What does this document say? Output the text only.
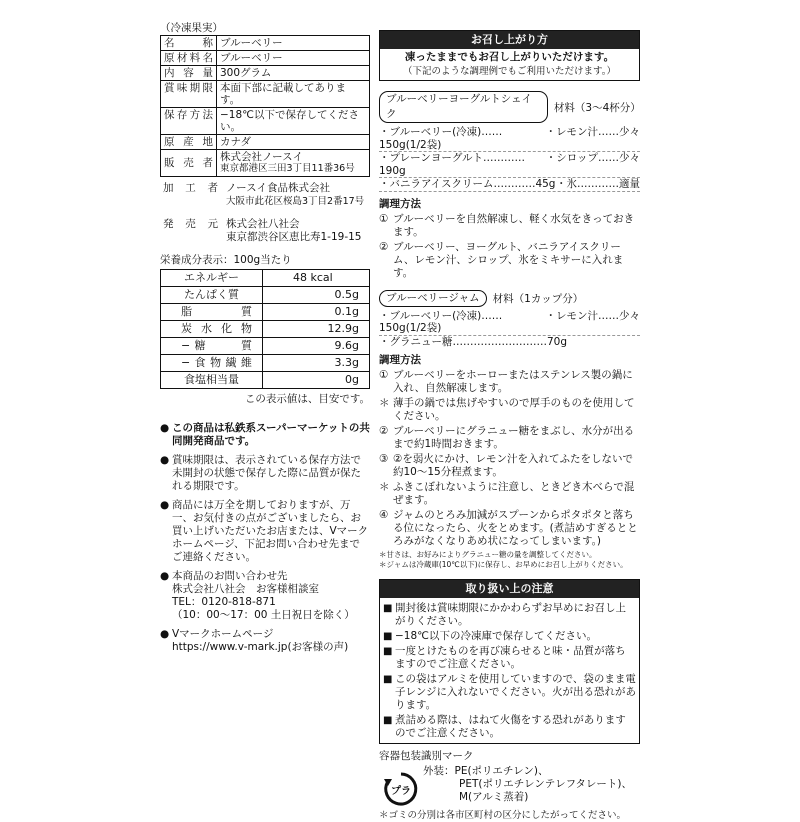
（冷凍果実）
名　　称	ブルーベリー
原材料名	ブルーベリー
内 容 量	300グラム
賞味期限	本面下部に記載してあります。
保存方法	−18℃以下で保存してください。
原 産 地	カナダ
販 売 者	株式会社ノースイ
東京都港区三田3丁目11番36号
加 工 者 ノースイ食品株式会社
大阪市此花区桜島3丁目2番17号
発 売 元 株式会社八社会
東京都渋谷区恵比寿1-19-15
栄養成分表示：100g当たり
エネルギー	48 kcal
たんぱく質	0.5g
脂　　質	0.1g
炭水化物	12.9g
−糖　　質	9.6g
−食物繊維	3.3g
食塩相当量	0g
この表示値は、目安です。
● この商品は私鉄系スーパーマーケットの共同開発商品です。
● 賞味期限は、表示されている保存方法で未開封の状態で保存した際に品質が保たれる期限です。
● 商品には万全を期しておりますが、万一、お気付きの点がございましたら、お買い上げいただいたお店または、Vマークホームページ、下記お問い合わせ先までご連絡ください。
● 本商品のお問い合わせ先
株式会社八社会　お客様相談室
TEL：0120-818-871
（10：00〜17：00 土日祝日を除く）
● Vマークホームページ
https://www.v-mark.jp(お客様の声)
お召し上がり方
凍ったままでもお召し上がりいただけます。
（下記のような調理例でもご利用いただけます。）
ブルーベリーヨーグルトシェイク
材料（3〜4杯分）
・ブルーベリー(冷凍)……150g(1/2袋)
・レモン汁……少々
・プレーンヨーグルト…………190g
・シロップ……少々
・バニラアイスクリーム…………45g ・氷…………適量
調理方法
① ブルーベリーを自然解凍し、軽く水気をきっておきます。
② ブルーベリー、ヨーグルト、バニラアイスクリーム、レモン汁、シロップ、氷をミキサーに入れます。
ブルーベリージャム	材料（1カップ分）
・ブルーベリー(冷凍)……150g(1/2袋)
・レモン汁……少々
・グラニュー糖………………………70g
調理方法
① ブルーベリーをホーローまたはステンレス製の鍋に入れ、自然解凍します。
＊ 薄手の鍋では焦げやすいので厚手のものを使用してください。
② ブルーベリーにグラニュー糖をまぶし、水分が出るまで約1時間おきます。
③ ②を弱火にかけ、レモン汁を入れてふたをしないで約10〜15分程煮ます。
＊ ふきこぼれないように注意し、ときどき木べらで混ぜます。
④ ジャムのとろみ加減がスプーンからポタポタと落ちる位になったら、火をとめます。(煮詰めすぎるととろみがなくなりあめ状になってしまいます。)
＊甘さは、お好みによりグラニュー糖の量を調整してください。
＊ジャムは冷蔵庫(10℃以下)に保存し、お早めにお召し上がりください。
取り扱い上の注意
■ 開封後は賞味期限にかかわらずお早めにお召し上がりください。
■ −18℃以下の冷凍庫で保存してください。
■ 一度とけたものを再び凍らせると味・品質が落ちますのでご注意ください。
■ この袋はアルミを使用していますので、袋のまま電子レンジに入れないでください。火が出る恐れがあります。
■ 煮詰める際は、はねて火傷をする恐れがありますのでご注意ください。
容器包装識別マーク
プラ
外装：PE(ポリエチレン)、
PET(ポリエチレンテレフタレート)、
M(アルミ蒸着)
＊ゴミの分別は各市区町村の区分にしたがってください。
